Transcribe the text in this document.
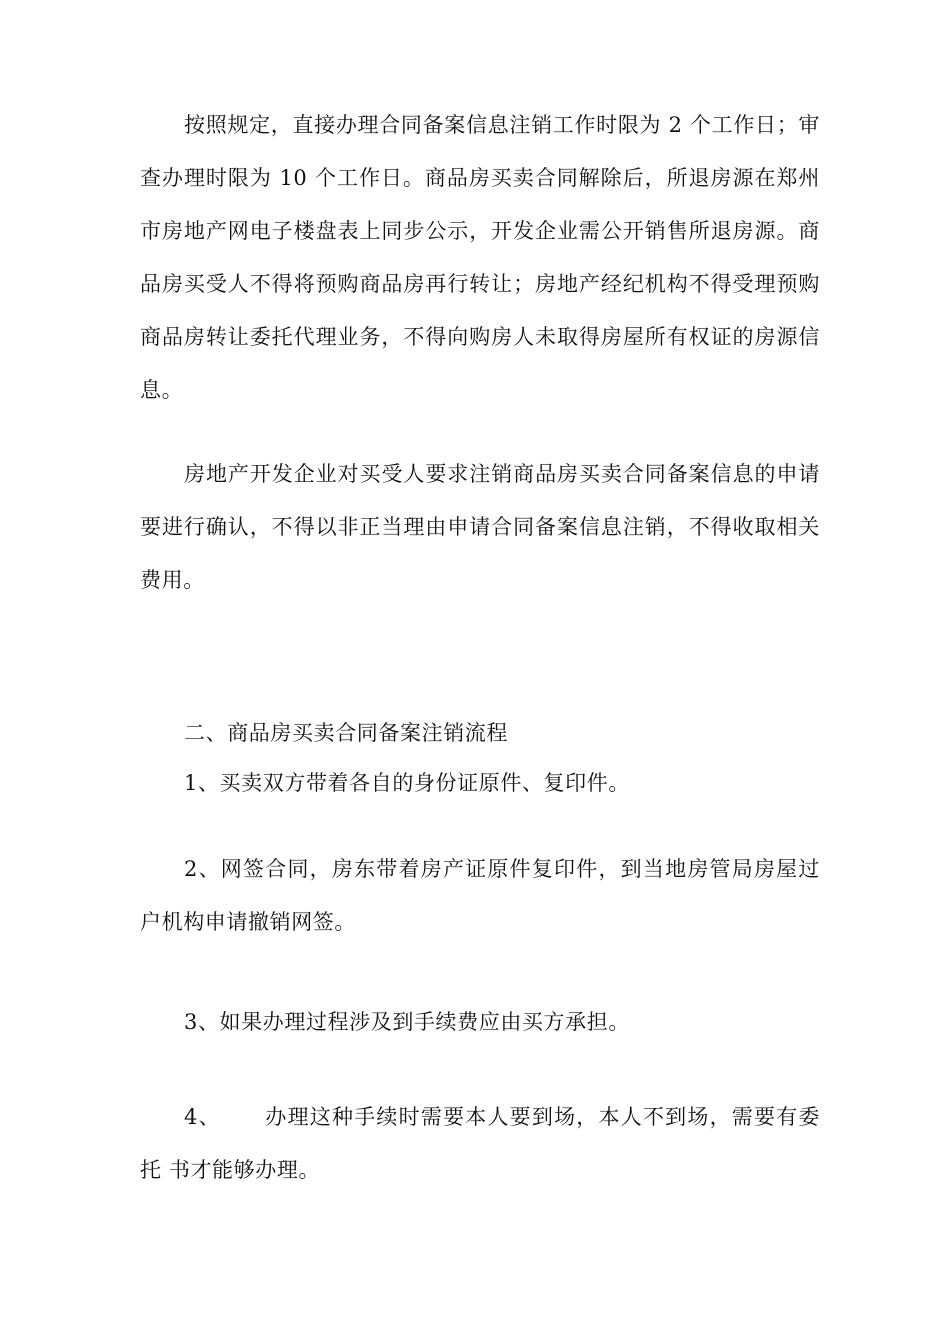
按照规定，直接办理合同备案信息注销工作时限为 2 个工作日；审查办理时限为 10 个工作日。商品房买卖合同解除后，所退房源在郑州市房地产网电子楼盘表上同步公示，开发企业需公开销售所退房源。商品房买受人不得将预购商品房再行转让；房地产经纪机构不得受理预购商品房转让委托代理业务，不得向购房人未取得房屋所有权证的房源信息。

房地产开发企业对买受人要求注销商品房买卖合同备案信息的申请要进行确认，不得以非正当理由申请合同备案信息注销，不得收取相关费用。

二、商品房买卖合同备案注销流程

1、买卖双方带着各自的身份证原件、复印件。

2、网签合同，房东带着房产证原件复印件，到当地房管局房屋过户机构申请撤销网签。

3、如果办理过程涉及到手续费应由买方承担。

4、 办理这种手续时需要本人要到场，本人不到场，需要有委托 书才能够办理。
